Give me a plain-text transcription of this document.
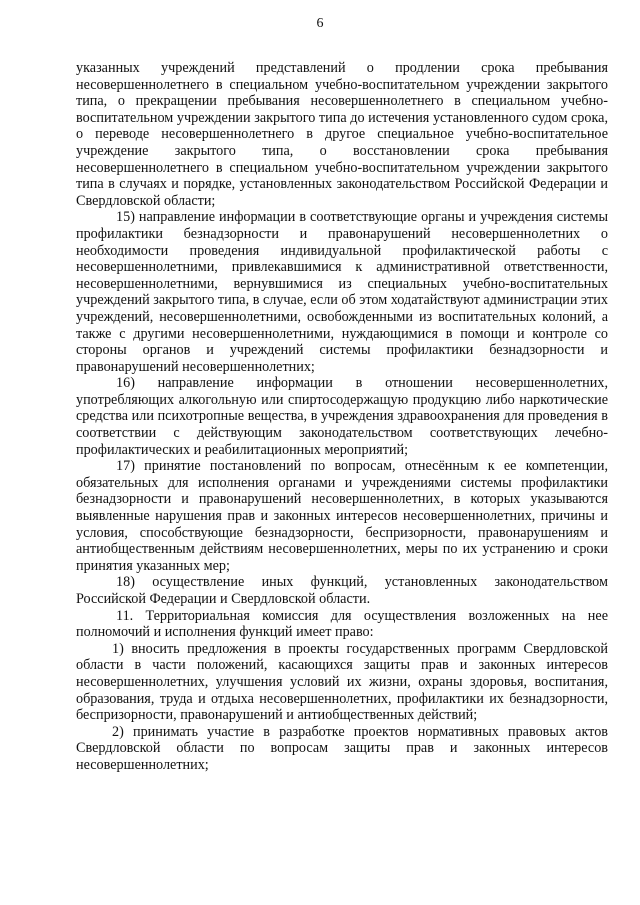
6

указанных учреждений представлений о продлении срока пребывания несовершеннолетнего в специальном учебно-воспитательном учреждении закрытого типа, о прекращении пребывания несовершеннолетнего в специальном учебно-воспитательном учреждении закрытого типа до истечения установленного судом срока, о переводе несовершеннолетнего в другое специальное учебно-воспитательное учреждение закрытого типа, о восстановлении срока пребывания несовершеннолетнего в специальном учебно-воспитательном учреждении закрытого типа в случаях и порядке, установленных законодательством Российской Федерации и Свердловской области;

15) направление информации в соответствующие органы и учреждения системы профилактики безнадзорности и правонарушений несовершеннолетних о необходимости проведения индивидуальной профилактической работы с несовершеннолетними, привлекавшимися к административной ответственности, несовершеннолетними, вернувшимися из специальных учебно-воспитательных учреждений закрытого типа, в случае, если об этом ходатайствуют администрации этих учреждений, несовершеннолетними, освобожденными из воспитательных колоний, а также с другими несовершеннолетними, нуждающимися в помощи и контроле со стороны органов и учреждений системы профилактики безнадзорности и правонарушений несовершеннолетних;

16) направление информации в отношении несовершеннолетних, употребляющих алкогольную или спиртосодержащую продукцию либо наркотические средства или психотропные вещества, в учреждения здравоохранения для проведения в соответствии с действующим законодательством соответствующих лечебно-профилактических и реабилитационных мероприятий;

17) принятие постановлений по вопросам, отнесённым к ее компетенции, обязательных для исполнения органами и учреждениями системы профилактики безнадзорности и правонарушений несовершеннолетних, в которых указываются выявленные нарушения прав и законных интересов несовершеннолетних, причины и условия, способствующие безнадзорности, беспризорности, правонарушениям и антиобщественным действиям несовершеннолетних, меры по их устранению и сроки принятия указанных мер;

18) осуществление иных функций, установленных законодательством Российской Федерации и Свердловской области.

11. Территориальная комиссия для осуществления возложенных на нее полномочий и исполнения функций имеет право:

1) вносить предложения в проекты государственных программ Свердловской области в части положений, касающихся защиты прав и законных интересов несовершеннолетних, улучшения условий их жизни, охраны здоровья, воспитания, образования, труда и отдыха несовершеннолетних, профилактики их безнадзорности, беспризорности, правонарушений и антиобщественных действий;

2) принимать участие в разработке проектов нормативных правовых актов Свердловской области по вопросам защиты прав и законных интересов несовершеннолетних;
